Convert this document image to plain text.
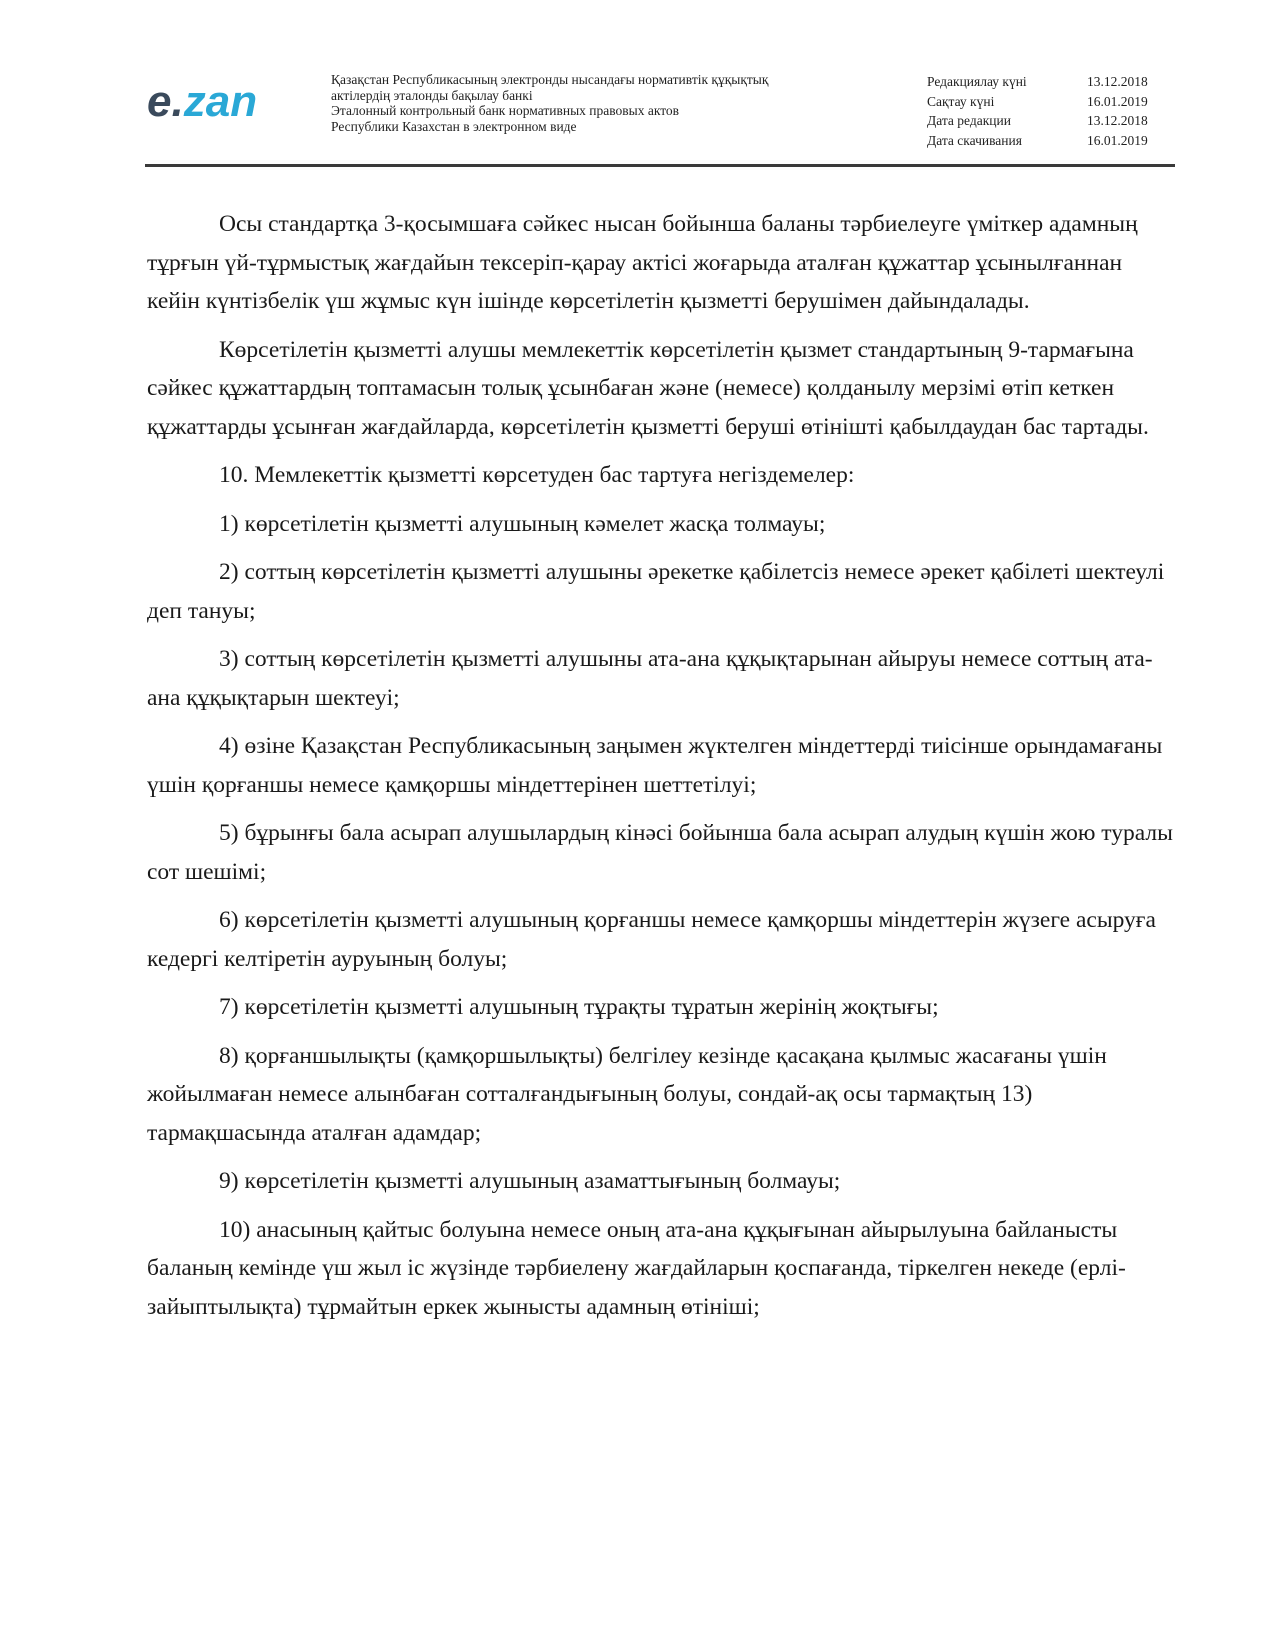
e.zan	Қазақстан Республикасының электронды нысандағы нормативтік құқықтық
актілердің эталонды бақылау банкі
Эталонный контрольный банк нормативных правовых актов
Республики Казахстан в электронном виде
Редакциялау күні	13.12.2018
Сақтау күні	16.01.2019
Дата редакции	13.12.2018
Дата скачивания	16.01.2019

Осы стандартқа 3-қосымшаға сәйкес нысан бойынша баланы тәрбиелеуге үміткер адамның тұрғын үй-тұрмыстық жағдайын тексеріп-қарау актісі жоғарыда аталған құжаттар ұсынылғаннан кейін күнтізбелік үш жұмыс күн ішінде көрсетілетін қызметті берушімен дайындалады.

Көрсетілетін қызметті алушы мемлекеттік көрсетілетін қызмет стандартының 9-тармағына сәйкес құжаттардың топтамасын толық ұсынбаған және (немесе) қолданылу мерзімі өтіп кеткен құжаттарды ұсынған жағдайларда, көрсетілетін қызметті беруші өтінішті қабылдаудан бас тартады.

10. Мемлекеттік қызметті көрсетуден бас тартуға негіздемелер:

1) көрсетілетін қызметті алушының кәмелет жасқа толмауы;

2) соттың көрсетілетін қызметті алушыны әрекетке қабілетсіз немесе әрекет қабілеті шектеулі деп тануы;

3) соттың көрсетілетін қызметті алушыны ата-ана құқықтарынан айыруы немесе соттың ата-ана құқықтарын шектеуі;

4) өзіне Қазақстан Республикасының заңымен жүктелген міндеттерді тиісінше орындамағаны үшін қорғаншы немесе қамқоршы міндеттерінен шеттетілуі;

5) бұрынғы бала асырап алушылардың кінәсі бойынша бала асырап алудың күшін жою туралы сот шешімі;

6) көрсетілетін қызметті алушының қорғаншы немесе қамқоршы міндеттерін жүзеге асыруға кедергі келтіретін ауруының болуы;

7) көрсетілетін қызметті алушының тұрақты тұратын жерінің жоқтығы;

8) қорғаншылықты (қамқоршылықты) белгілеу кезінде қасақана қылмыс жасағаны үшін жойылмаған немесе алынбаған сотталғандығының болуы, сондай-ақ осы тармақтың 13) тармақшасында аталған адамдар;

9) көрсетілетін қызметті алушының азаматтығының болмауы;

10) анасының қайтыс болуына немесе оның ата-ана құқығынан айырылуына байланысты баланың кемінде үш жыл іс жүзінде тәрбиелену жағдайларын қоспағанда, тіркелген некеде (ерлі-зайыптылықта) тұрмайтын еркек жынысты адамның өтініші;
